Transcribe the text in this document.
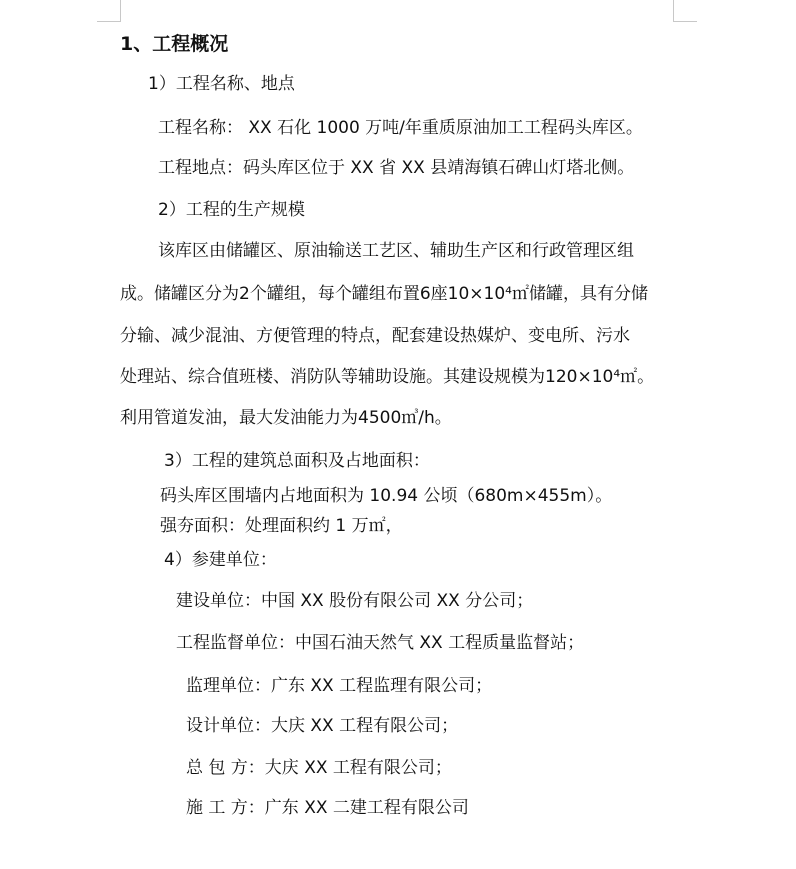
1、工程概况
1）工程名称、地点
工程名称： XX 石化 1000 万吨/年重质原油加工工程码头库区。
工程地点：码头库区位于 XX 省 XX 县靖海镇石碑山灯塔北侧。
2）工程的生产规模
该库区由储罐区、原油输送工艺区、辅助生产区和行政管理区组
成。储罐区分为2个罐组，每个罐组布置6座10×10⁴㎡储罐，具有分储
分输、减少混油、方便管理的特点，配套建设热媒炉、变电所、污水
处理站、综合值班楼、消防队等辅助设施。其建设规模为120×10⁴㎡。
利用管道发油，最大发油能力为4500㎥/h。
3）工程的建筑总面积及占地面积：
码头库区围墙内占地面积为 10.94 公顷（680m×455m）。
强夯面积：处理面积约 1 万㎡，
4）参建单位：
建设单位：中国 XX 股份有限公司 XX 分公司；
工程监督单位：中国石油天然气 XX 工程质量监督站；
监理单位：广东 XX 工程监理有限公司；
设计单位：大庆 XX 工程有限公司；
总 包 方：大庆 XX 工程有限公司；
施 工 方：广东 XX 二建工程有限公司
